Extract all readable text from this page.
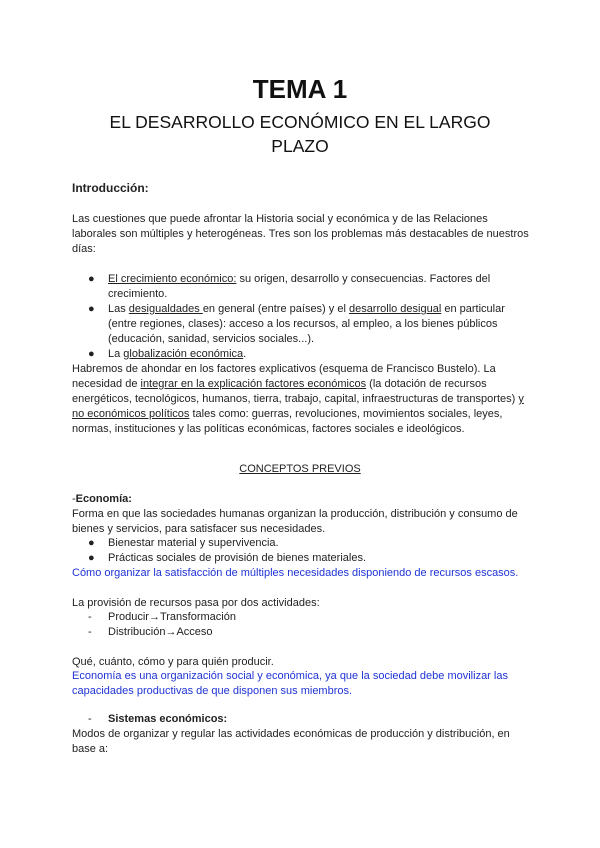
TEMA 1
EL DESARROLLO ECONÓMICO EN EL LARGO
PLAZO

Introducción:

Las cuestiones que puede afrontar la Historia social y económica y de las Relaciones laborales son múltiples y heterogéneas. Tres son los problemas más destacables de nuestros días:

● El crecimiento económico: su origen, desarrollo y consecuencias. Factores del crecimiento.
● Las desigualdades en general (entre países) y el desarrollo desigual en particular (entre regiones, clases): acceso a los recursos, al empleo, a los bienes públicos (educación, sanidad, servicios sociales...).
● La globalización económica.

Habremos de ahondar en los factores explicativos (esquema de Francisco Bustelo). La necesidad de integrar en la explicación factores económicos (la dotación de recursos energéticos, tecnológicos, humanos, tierra, trabajo, capital, infraestructuras de transportes) y no económicos políticos tales como: guerras, revoluciones, movimientos sociales, leyes, normas, instituciones y las políticas económicas, factores sociales e ideológicos.

CONCEPTOS PREVIOS

-Economía:

Forma en que las sociedades humanas organizan la producción, distribución y consumo de bienes y servicios, para satisfacer sus necesidades.

● Bienestar material y supervivencia.
● Prácticas sociales de provisión de bienes materiales.

Cómo organizar la satisfacción de múltiples necesidades disponiendo de recursos escasos.

La provisión de recursos pasa por dos actividades:

- Producir→Transformación
- Distribución→Acceso

Qué, cuánto, cómo y para quién producir.

Economía es una organización social y económica, ya que la sociedad debe movilizar las capacidades productivas de que disponen sus miembros.

- Sistemas económicos:

Modos de organizar y regular las actividades económicas de producción y distribución, en base a:
